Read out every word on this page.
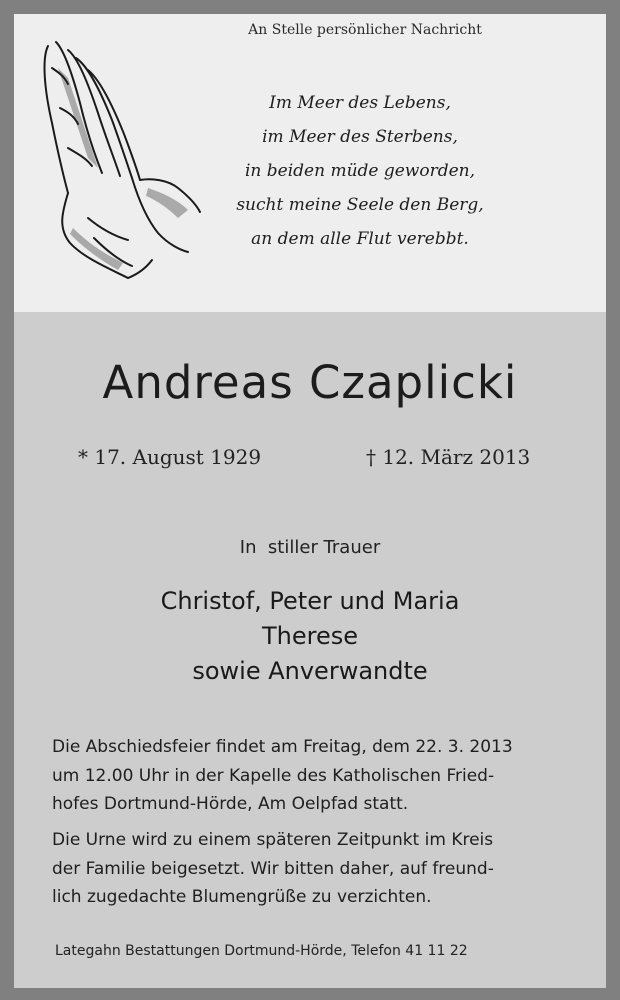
An Stelle persönlicher Nachricht
Im Meer des Lebens,
im Meer des Sterbens,
in beiden müde geworden,
sucht meine Seele den Berg,
an dem alle Flut verebbt.
Andreas Czaplicki
* 17. August 1929	† 12. März 2013
In  stiller Trauer
Christof, Peter und Maria
Therese
sowie Anverwandte
Die Abschiedsfeier findet am Freitag, dem 22. 3. 2013
um 12.00 Uhr in der Kapelle des Katholischen Fried-
hofes Dortmund-Hörde, Am Oelpfad statt.
Die Urne wird zu einem späteren Zeitpunkt im Kreis
der Familie beigesetzt. Wir bitten daher, auf freund-
lich zugedachte Blumengrüße zu verzichten.
Lategahn Bestattungen Dortmund-Hörde, Telefon 41 11 22
